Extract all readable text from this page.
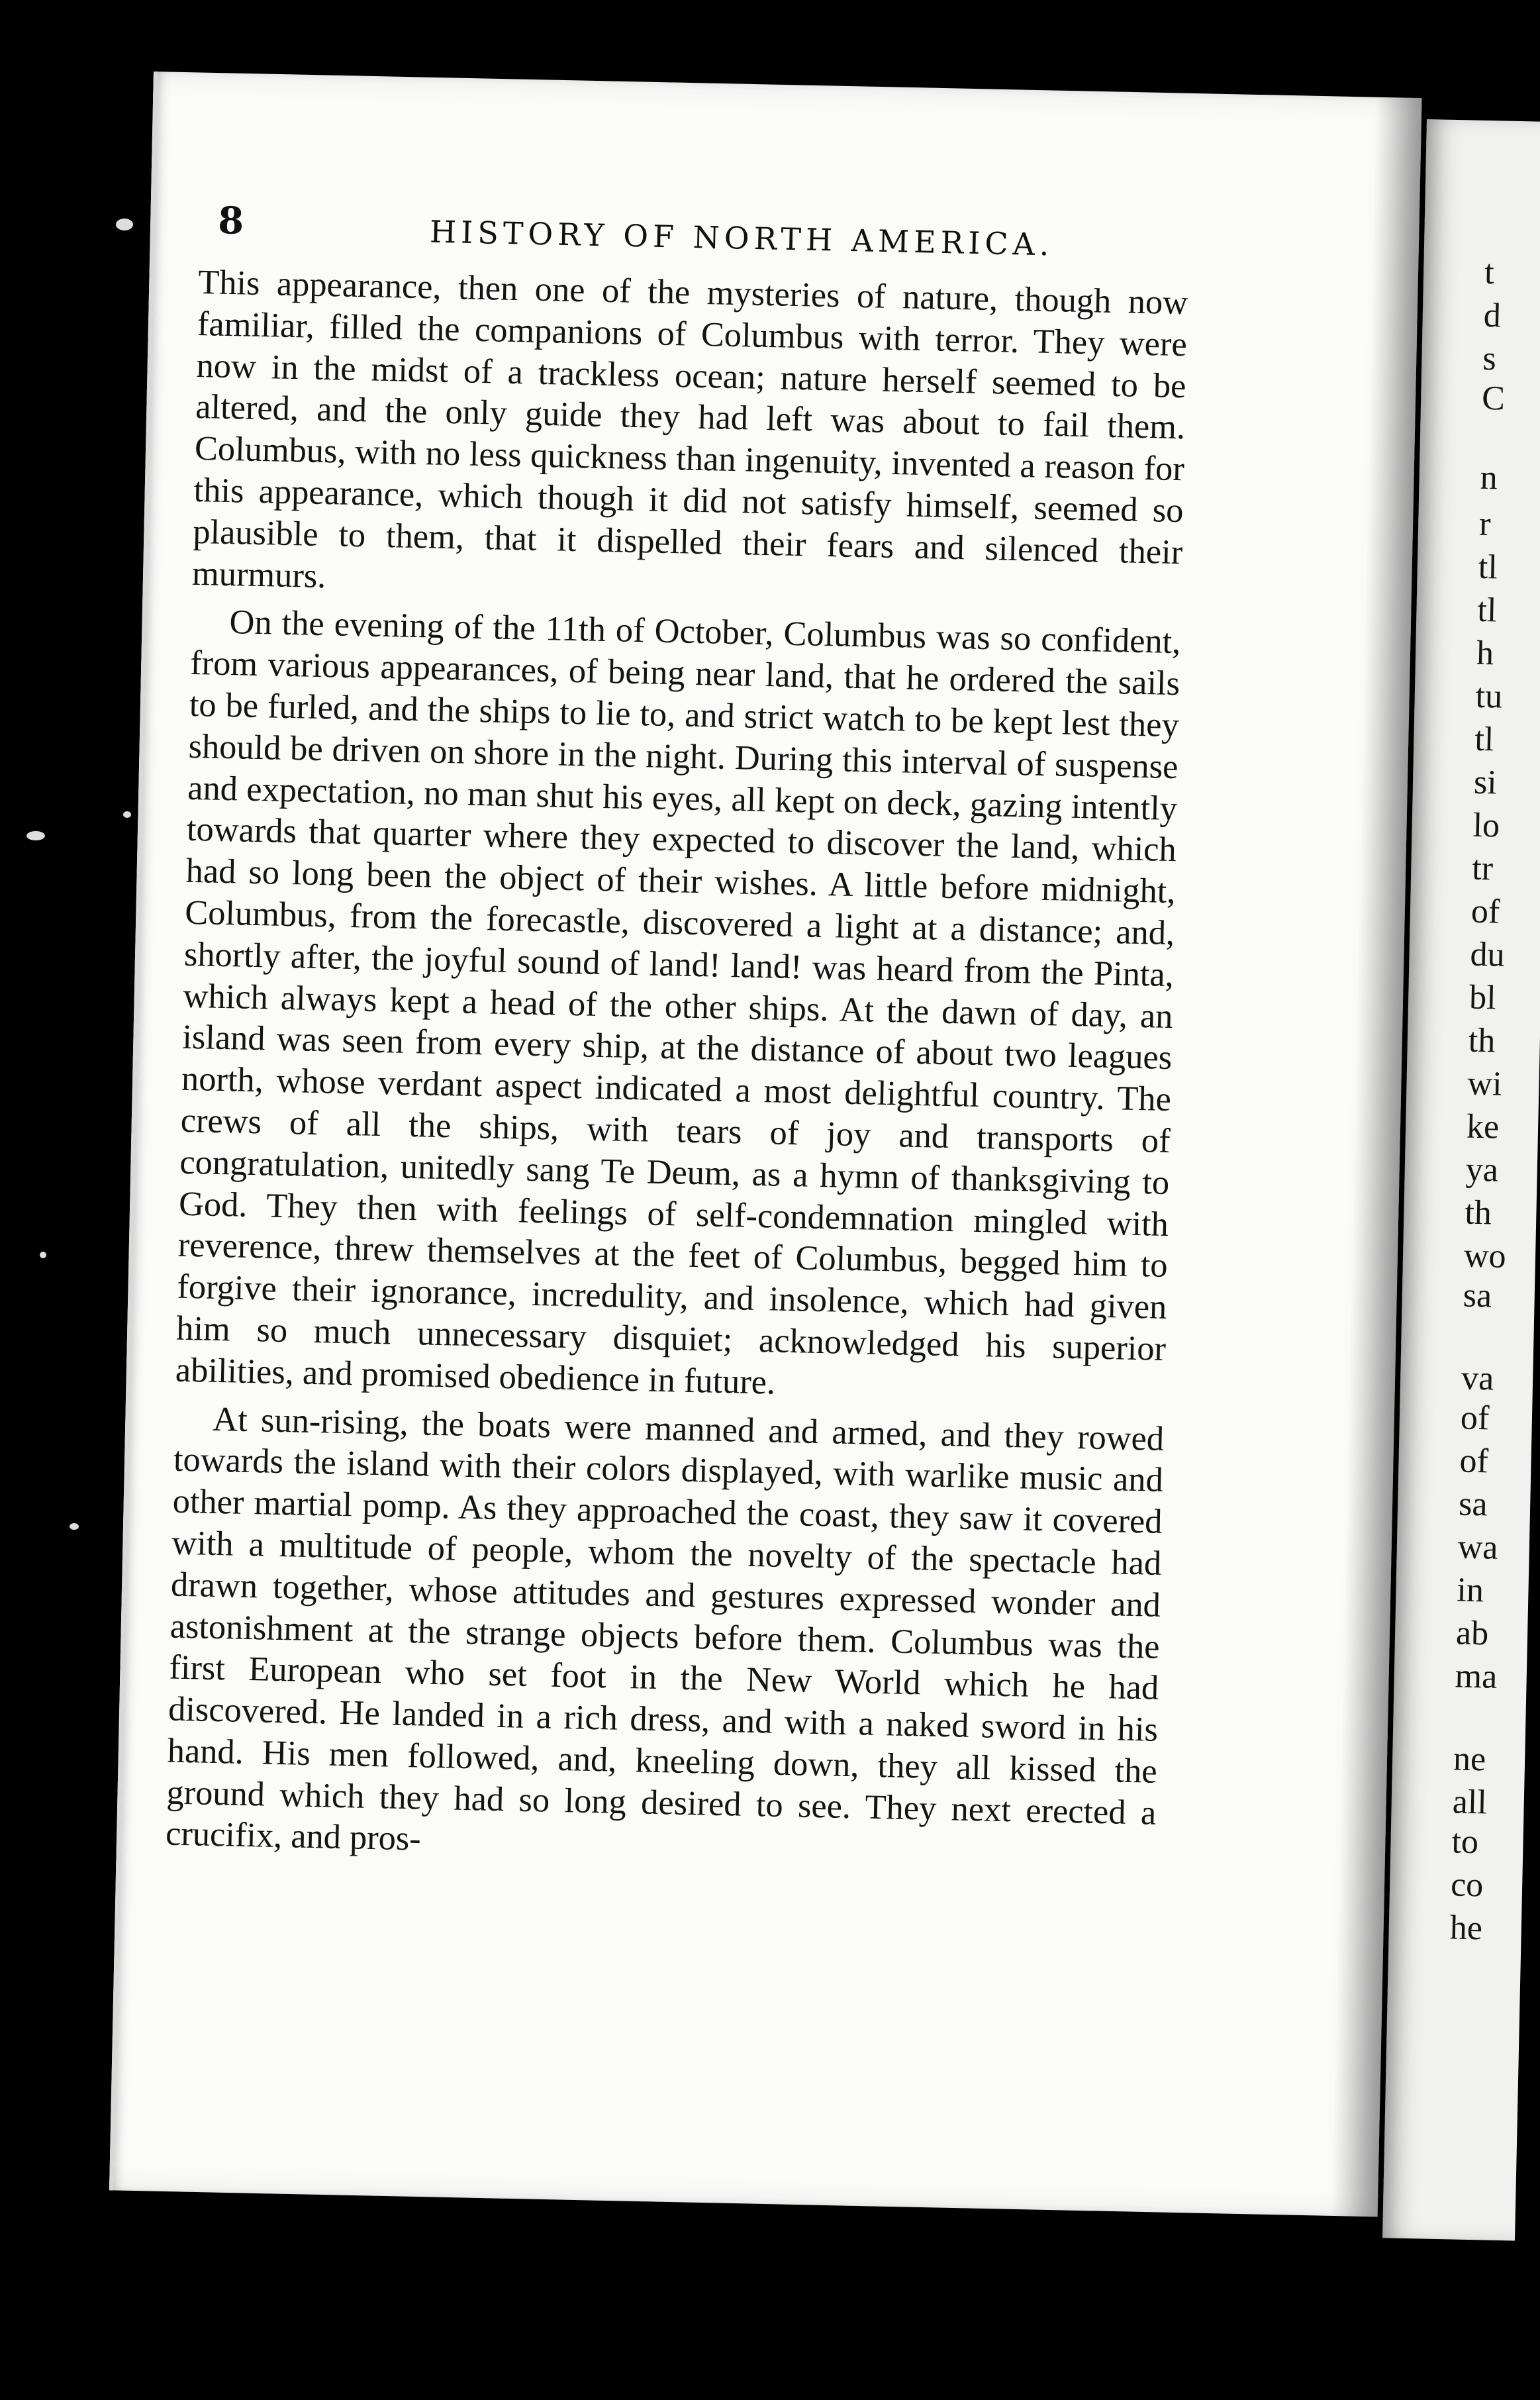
t
d
s
C
n
r
tl
tl
h
tu
tl
si
lo
tr
of
du
bl
th
wi
ke
ya
th
wo
sa
va
of
of
sa
wa
in
ab
ma
ne
all
to
co
he
8	HISTORY OF NORTH AMERICA.

This appearance, then one of the mysteries of nature, though now familiar, filled the companions of Columbus with terror. They were now in the midst of a trackless ocean; nature herself seemed to be altered, and the only guide they had left was about to fail them. Columbus, with no less quickness than ingenuity, invented a reason for this appearance, which though it did not satisfy himself, seemed so plausible to them, that it dispelled their fears and silenced their murmurs.

On the evening of the 11th of October, Columbus was so confident, from various appearances, of being near land, that he ordered the sails to be furled, and the ships to lie to, and strict watch to be kept lest they should be driven on shore in the night. During this interval of suspense and expectation, no man shut his eyes, all kept on deck, gazing intently towards that quarter where they expected to discover the land, which had so long been the object of their wishes. A little before midnight, Columbus, from the forecastle, discovered a light at a distance; and, shortly after, the joyful sound of land! land! was heard from the Pinta, which always kept a head of the other ships. At the dawn of day, an island was seen from every ship, at the distance of about two leagues north, whose verdant aspect indicated a most delightful country. The crews of all the ships, with tears of joy and transports of congratulation, unitedly sang Te Deum, as a hymn of thanksgiving to God. They then with feelings of self-condemnation mingled with reverence, threw themselves at the feet of Columbus, begged him to forgive their ignorance, incredulity, and insolence, which had given him so much unnecessary disquiet; acknowledged his superior abilities, and promised obedience in future.

At sun-rising, the boats were manned and armed, and they rowed towards the island with their colors displayed, with warlike music and other martial pomp. As they approached the coast, they saw it covered with a multitude of people, whom the novelty of the spectacle had drawn together, whose attitudes and gestures expressed wonder and astonishment at the strange objects before them. Columbus was the first European who set foot in the New World which he had discovered. He landed in a rich dress, and with a naked sword in his hand. His men followed, and, kneeling down, they all kissed the ground which they had so long desired to see. They next erected a crucifix, and pros-
